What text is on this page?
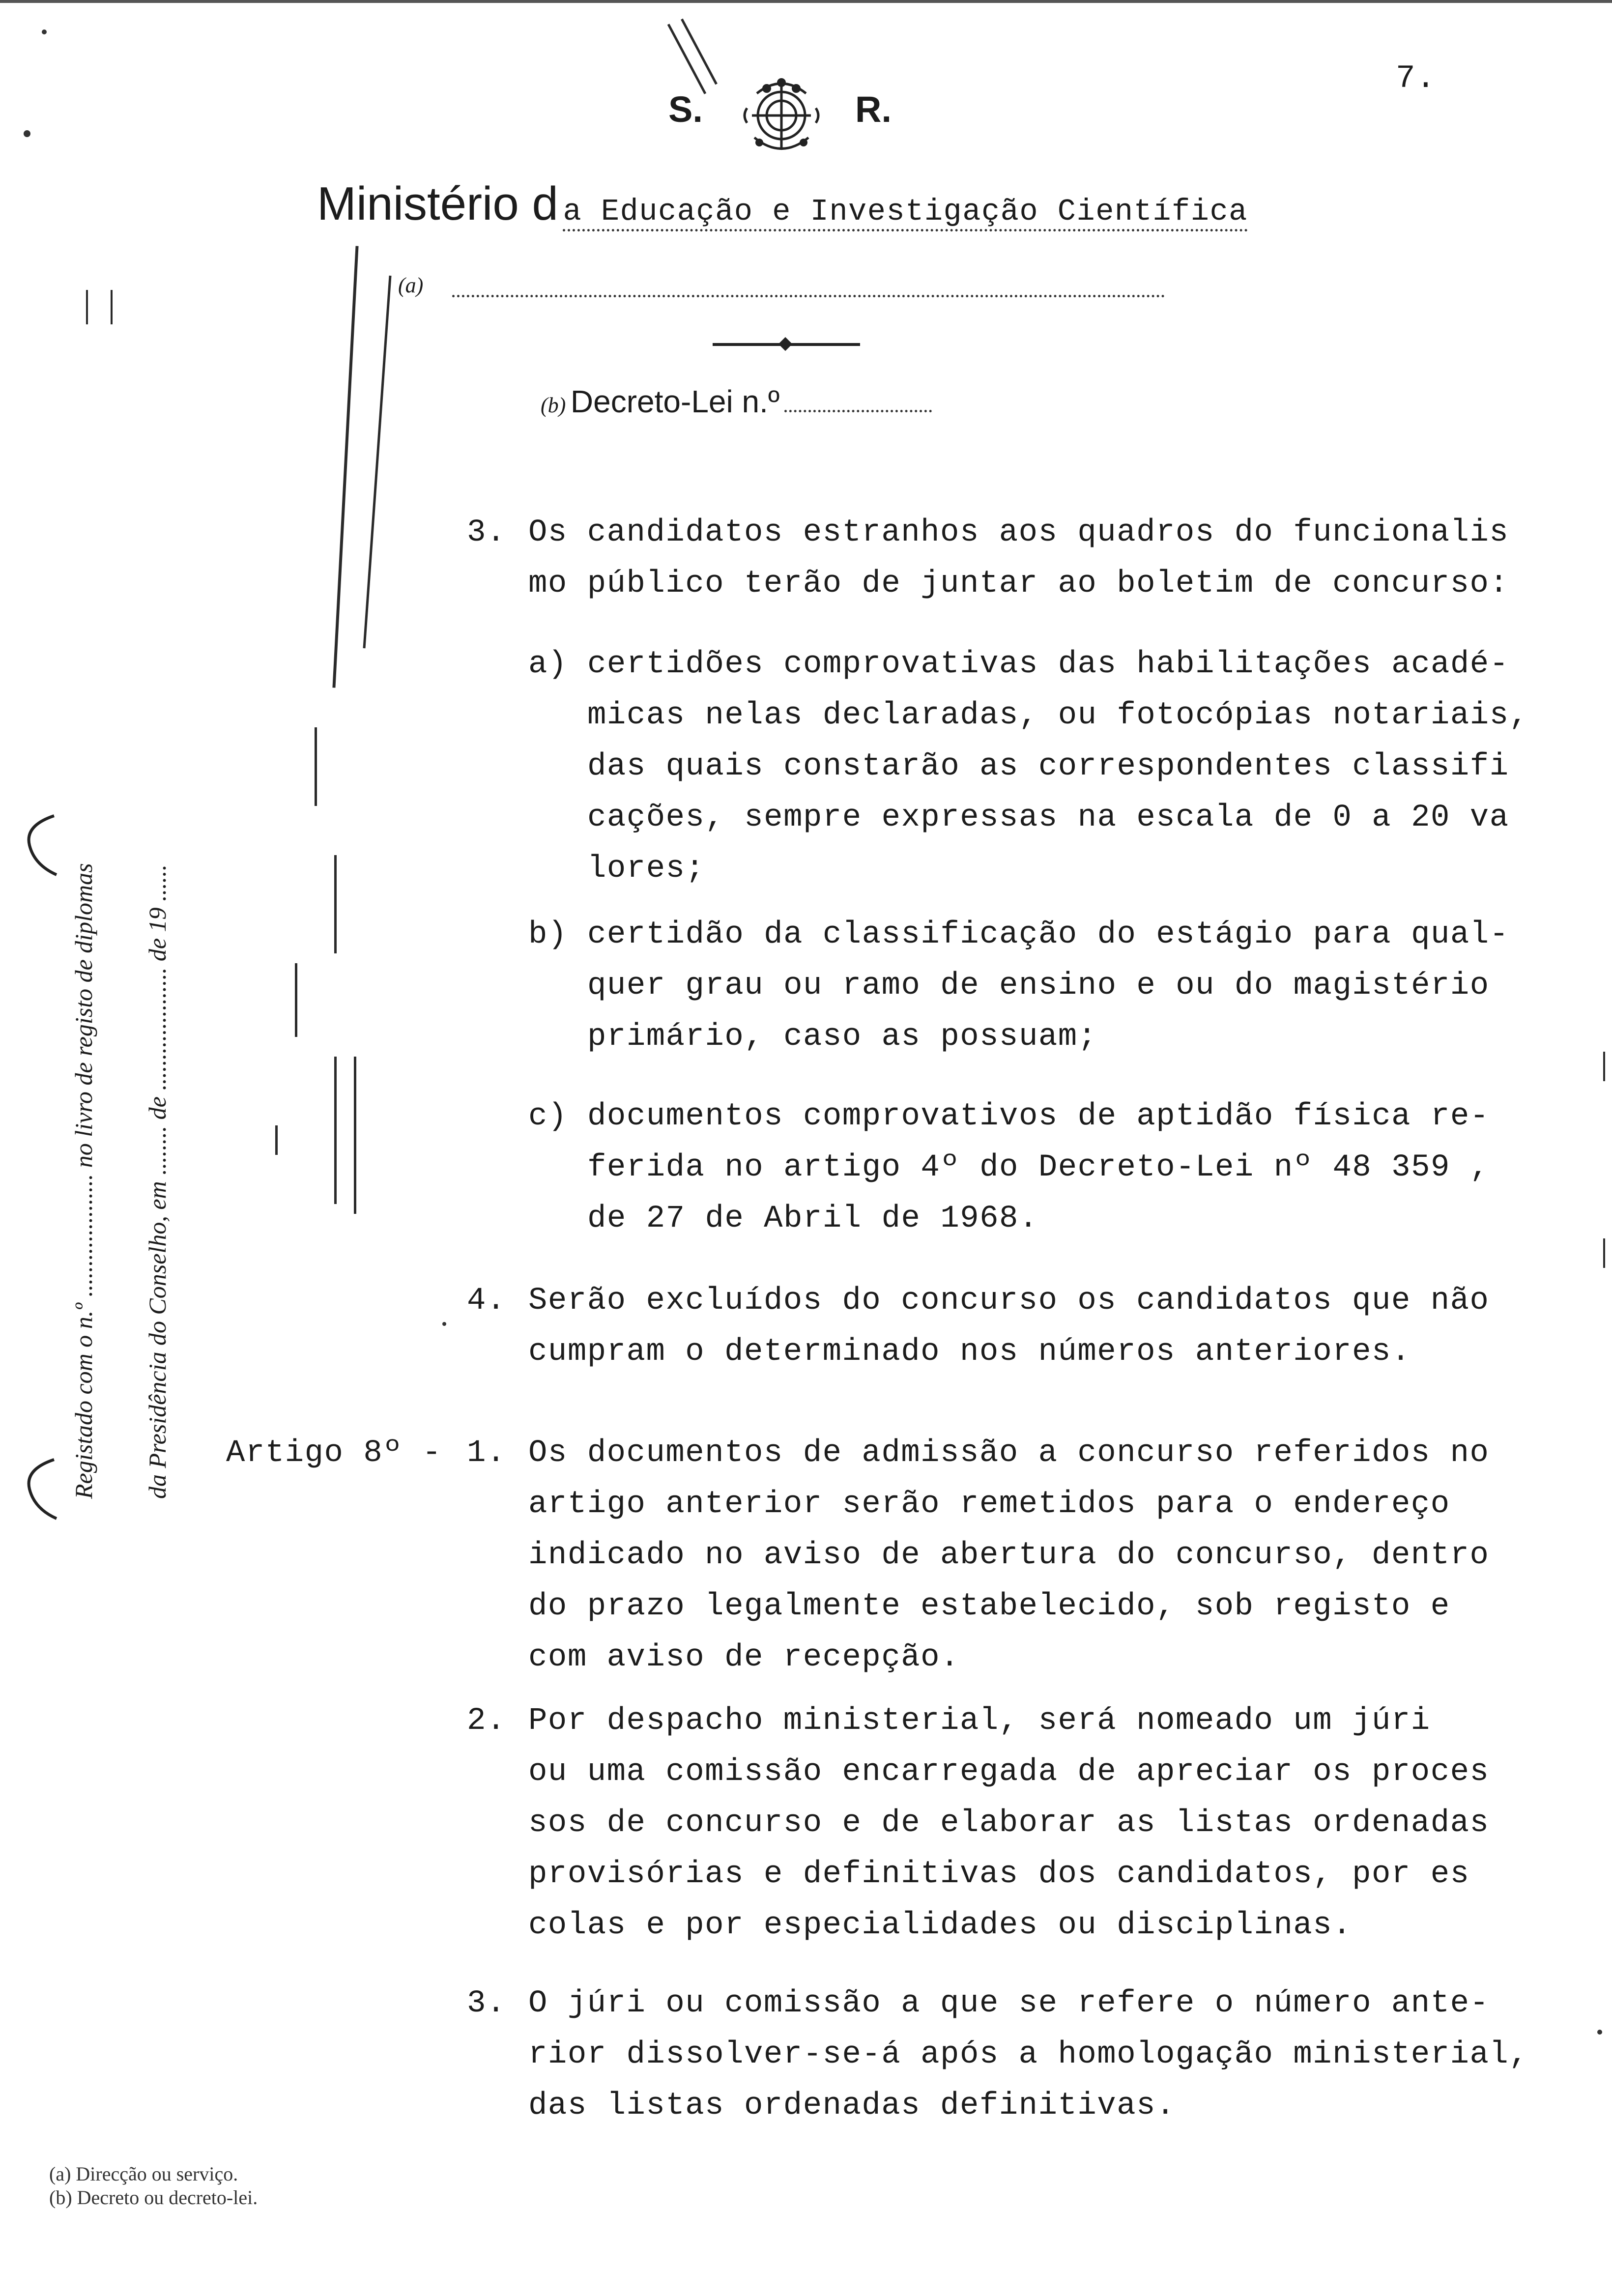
7.
S.	R.
Ministério d a Educação e Investigação Científica
(a)
(b) Decreto-Lei n.º
Registado com o n.º .................... no livro de registo de diplomas	da Presidência do Conselho, em ........ de .................... de 19 ......
3. Os candidatos estranhos aos quadros do funcionalis
mo público terão de juntar ao boletim de concurso:
a) certidões comprovativas das habilitações acadé-
micas nelas declaradas, ou fotocópias notariais,
das quais constarão as correspondentes classifi
cações, sempre expressas na escala de 0 a 20 va
lores;
b) certidão da classificação do estágio para qual-
quer grau ou ramo de ensino e ou do magistério
primário, caso as possuam;
c) documentos comprovativos de aptidão física re-
ferida no artigo 4º do Decreto-Lei nº 48 359 ,
de 27 de Abril de 1968.
4. Serão excluídos do concurso os candidatos que não
cumpram o determinado nos números anteriores.
Artigo 8º - 1. Os documentos de admissão a concurso referidos no
artigo anterior serão remetidos para o endereço
indicado no aviso de abertura do concurso, dentro
do prazo legalmente estabelecido, sob registo e
com aviso de recepção.
2. Por despacho ministerial, será nomeado um júri
ou uma comissão encarregada de apreciar os proces
sos de concurso e de elaborar as listas ordenadas
provisórias e definitivas dos candidatos, por es
colas e por especialidades ou disciplinas.
3. O júri ou comissão a que se refere o número ante-
rior dissolver-se-á após a homologação ministerial,
das listas ordenadas definitivas.
(a) Direcção ou serviço.
(b) Decreto ou decreto-lei.
